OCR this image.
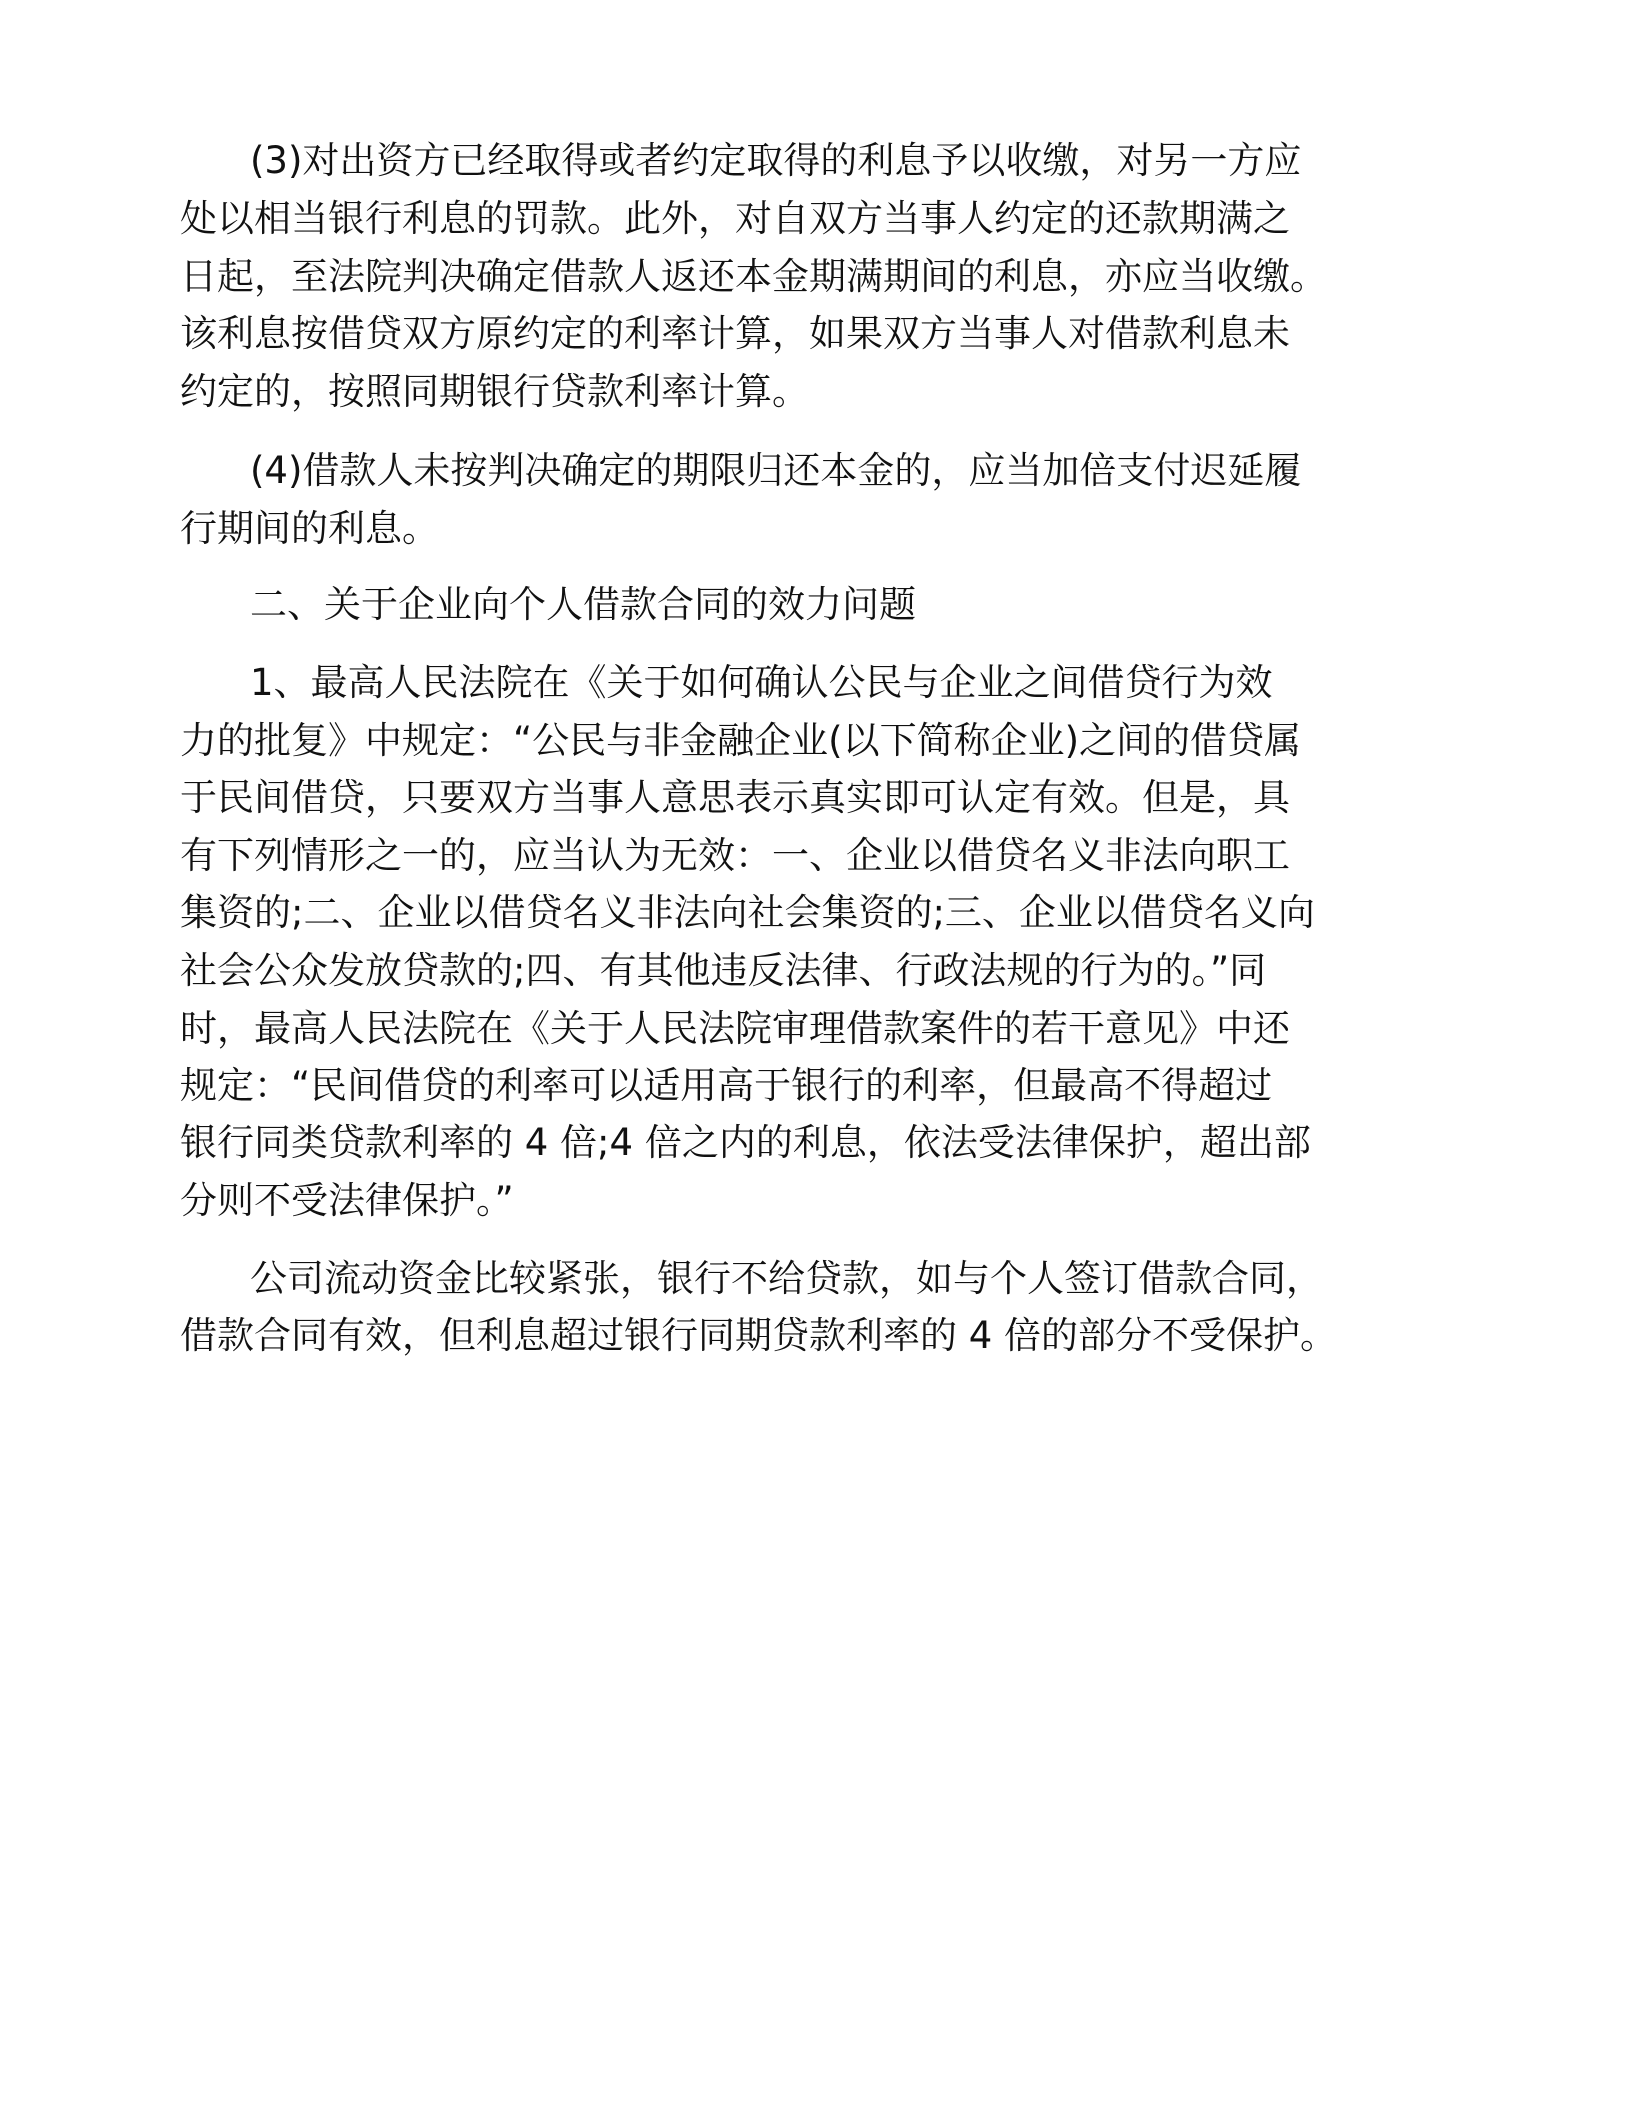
(3)对出资方已经取得或者约定取得的利息予以收缴，对另一方应
处以相当银行利息的罚款。此外，对自双方当事人约定的还款期满之
日起，至法院判决确定借款人返还本金期满期间的利息，亦应当收缴。
该利息按借贷双方原约定的利率计算，如果双方当事人对借款利息未
约定的，按照同期银行贷款利率计算。
(4)借款人未按判决确定的期限归还本金的，应当加倍支付迟延履
行期间的利息。
二、关于企业向个人借款合同的效力问题
1、最高人民法院在《关于如何确认公民与企业之间借贷行为效
力的批复》中规定：“公民与非金融企业(以下简称企业)之间的借贷属
于民间借贷，只要双方当事人意思表示真实即可认定有效。但是，具
有下列情形之一的，应当认为无效：一、企业以借贷名义非法向职工
集资的;二、企业以借贷名义非法向社会集资的;三、企业以借贷名义向
社会公众发放贷款的;四、有其他违反法律、行政法规的行为的。”同
时，最高人民法院在《关于人民法院审理借款案件的若干意见》中还
规定：“民间借贷的利率可以适用高于银行的利率，但最高不得超过
银行同类贷款利率的 4 倍;4 倍之内的利息，依法受法律保护，超出部
分则不受法律保护。”
公司流动资金比较紧张，银行不给贷款，如与个人签订借款合同，
借款合同有效，但利息超过银行同期贷款利率的 4 倍的部分不受保护。
